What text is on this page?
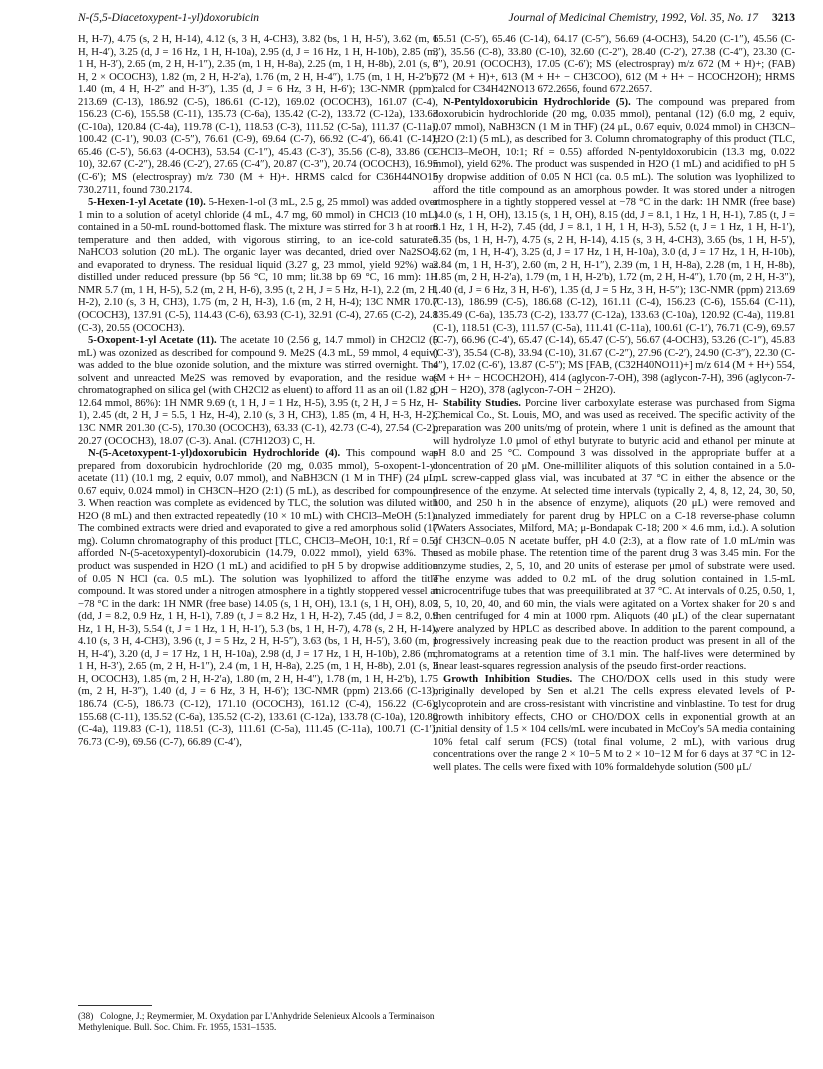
N-(5,5-Diacetoxypent-1-yl)doxorubicin	Journal of Medicinal Chemistry, 1992, Vol. 35, No. 17 3213

H, H-7), 4.75 (s, 2 H, H-14), 4.12 (s, 3 H, 4-CH3), 3.82 (bs, 1 H, H-5′), 3.62 (m, 1 H, H-4′), 3.25 (d, J = 16 Hz, 1 H, H-10a), 2.95 (d, J = 16 Hz, 1 H, H-10b), 2.85 (m, 1 H, H-3′), 2.65 (m, 2 H, H-1″), 2.35 (m, 1 H, H-8a), 2.25 (m, 1 H, H-8b), 2.01 (s, 6 H, 2 × OCOCH3), 1.82 (m, 2 H, H-2′a), 1.76 (m, 2 H, H-4″), 1.75 (m, 1 H, H-2′b), 1.40 (m, 4 H, H-2″ and H-3″), 1.35 (d, J = 6 Hz, 3 H, H-6′); 13C-NMR (ppm): 213.69 (C-13), 186.92 (C-5), 186.61 (C-12), 169.02 (OCOCH3), 161.07 (C-4), 156.23 (C-6), 155.58 (C-11), 135.73 (C-6a), 135.42 (C-2), 133.72 (C-12a), 133.63 (C-10a), 120.84 (C-4a), 119.78 (C-1), 118.53 (C-3), 111.52 (C-5a), 111.37 (C-11a), 100.42 (C-1′), 90.03 (C-5″), 76.61 (C-9), 69.64 (C-7), 66.92 (C-4′), 66.41 (C-14), 65.46 (C-5′), 56.63 (4-OCH3), 53.54 (C-1″), 45.43 (C-3′), 35.56 (C-8), 33.86 (C-10), 32.67 (C-2″), 28.46 (C-2′), 27.65 (C-4″), 20.87 (C-3″), 20.74 (OCOCH3), 16.95 (C-6′); MS (electrospray) m/z 730 (M + H)+. HRMS calcd for C36H44NO15 730.2711, found 730.2174.

5-Hexen-1-yl Acetate (10). 5-Hexen-1-ol (3 mL, 2.5 g, 25 mmol) was added over 1 min to a solution of acetyl chloride (4 mL, 4.7 mg, 60 mmol) in CHCl3 (10 mL) contained in a 50-mL round-bottomed flask. The mixture was stirred for 3 h at room temperature and then added, with vigorous stirring, to an ice-cold saturated NaHCO3 solution (20 mL). The organic layer was decanted, dried over Na2SO4, and evaporated to dryness. The residual liquid (3.27 g, 23 mmol, yield 92%) was distilled under reduced pressure (bp 56 °C, 10 mm; lit.38 bp 69 °C, 16 mm): 1H NMR 5.7 (m, 1 H, H-5), 5.2 (m, 2 H, H-6), 3.95 (t, 2 H, J = 5 Hz, H-1), 2.2 (m, 2 H, H-2), 2.10 (s, 3 H, CH3), 1.75 (m, 2 H, H-3), 1.6 (m, 2 H, H-4); 13C NMR 170.7 (OCOCH3), 137.91 (C-5), 114.43 (C-6), 63.93 (C-1), 32.91 (C-4), 27.65 (C-2), 24.8 (C-3), 20.55 (OCOCH3).

5-Oxopent-1-yl Acetate (11). The acetate 10 (2.56 g, 14.7 mmol) in CH2Cl2 (5 mL) was ozonized as described for compound 9. Me2S (4.3 mL, 59 mmol, 4 equiv) was added to the blue ozonide solution, and the mixture was stirred overnight. The solvent and unreacted Me2S was removed by evaporation, and the residue was chromatographed on silica gel (with CH2Cl2 as eluent) to afford 11 as an oil (1.82 g, 12.64 mmol, 86%): 1H NMR 9.69 (t, 1 H, J = 1 Hz, H-5), 3.95 (t, 2 H, J = 5 Hz, H-1), 2.45 (dt, 2 H, J = 5.5, 1 Hz, H-4), 2.10 (s, 3 H, CH3), 1.85 (m, 4 H, H-3, H-2); 13C NMR 201.30 (C-5), 170.30 (OCOCH3), 63.33 (C-1), 42.73 (C-4), 27.54 (C-2), 20.27 (OCOCH3), 18.07 (C-3). Anal. (C7H12O3) C, H.

N-(5-Acetoxypent-1-yl)doxorubicin Hydrochloride (4). This compound was prepared from doxorubicin hydrochloride (20 mg, 0.035 mmol), 5-oxopent-1-yl acetate (11) (10.1 mg, 2 equiv, 0.07 mmol), and NaBH3CN (1 M in THF) (24 μL, 0.67 equiv, 0.024 mmol) in CH3CN–H2O (2:1) (5 mL), as described for compound 3. When reaction was complete as evidenced by TLC, the solution was diluted with H2O (8 mL) and then extracted repeatedly (10 × 10 mL) with CHCl3–MeOH (5:1). The combined extracts were dried and evaporated to give a red amorphous solid (17 mg). Column chromatography of this product [TLC, CHCl3–MeOH, 10:1, Rf = 0.5] afforded N-(5-acetoxypentyl)-doxorubicin (14.79, 0.022 mmol), yield 63%. The product was suspended in H2O (1 mL) and acidified to pH 5 by dropwise addition of 0.05 N HCl (ca. 0.5 mL). The solution was lyophilized to afford the title compound. It was stored under a nitrogen atmosphere in a tightly stoppered vessel at −78 °C in the dark: 1H NMR (free base) 14.05 (s, 1 H, OH), 13.1 (s, 1 H, OH), 8.05 (dd, J = 8.2, 0.9 Hz, 1 H, H-1), 7.89 (t, J = 8.2 Hz, 1 H, H-2), 7.45 (dd, J = 8.2, 0.9 Hz, 1 H, H-3), 5.54 (t, J = 1 Hz, 1 H, H-1′), 5.3 (bs, 1 H, H-7), 4.78 (s, 2 H, H-14), 4.10 (s, 3 H, 4-CH3), 3.96 (t, J = 5 Hz, 2 H, H-5″), 3.63 (bs, 1 H, H-5′), 3.60 (m, 1 H, H-4′), 3.20 (d, J = 17 Hz, 1 H, H-10a), 2.98 (d, J = 17 Hz, 1 H, H-10b), 2.86 (m, 1 H, H-3′), 2.65 (m, 2 H, H-1″), 2.4 (m, 1 H, H-8a), 2.25 (m, 1 H, H-8b), 2.01 (s, 3 H, OCOCH3), 1.85 (m, 2 H, H-2′a), 1.80 (m, 2 H, H-4″), 1.78 (m, 1 H, H-2′b), 1.75 (m, 2 H, H-3″), 1.40 (d, J = 6 Hz, 3 H, H-6′); 13C-NMR (ppm) 213.66 (C-13), 186.74 (C-5), 186.73 (C-12), 171.10 (OCOCH3), 161.12 (C-4), 156.22 (C-6), 155.68 (C-11), 135.52 (C-6a), 135.52 (C-2), 133.61 (C-12a), 133.78 (C-10a), 120.80 (C-4a), 119.83 (C-1), 118.51 (C-3), 111.61 (C-5a), 111.45 (C-11a), 100.71 (C-1′), 76.73 (C-9), 69.56 (C-7), 66.89 (C-4′),

65.51 (C-5′), 65.46 (C-14), 64.17 (C-5″), 56.69 (4-OCH3), 54.20 (C-1″), 45.56 (C-3′), 35.56 (C-8), 33.80 (C-10), 32.60 (C-2″), 28.40 (C-2′), 27.38 (C-4″), 23.30 (C-3″), 20.91 (OCOCH3), 17.05 (C-6′); MS (electrospray) m/z 672 (M + H)+; (FAB) 672 (M + H)+, 613 (M + H+ − CH3COO), 612 (M + H+ − HCOCH2OH); HRMS calcd for C34H42NO13 672.2656, found 672.2657.

N-Pentyldoxorubicin Hydrochloride (5). The compound was prepared from doxorubicin hydrochloride (20 mg, 0.035 mmol), pentanal (12) (6.0 mg, 2 equiv, 0.07 mmol), NaBH3CN (1 M in THF) (24 μL, 0.67 equiv, 0.024 mmol) in CH3CN–H2O (2:1) (5 mL), as described for 3. Column chromatography of this product (TLC, CHCl3–MeOH, 10:1; Rf = 0.55) afforded N-pentyldoxorubicin (13.3 mg, 0.022 mmol), yield 62%. The product was suspended in H2O (1 mL) and acidified to pH 5 by dropwise addition of 0.05 N HCl (ca. 0.5 mL). The solution was lyophilized to afford the title compound as an amorphous powder. It was stored under a nitrogen atmosphere in a tightly stoppered vessel at −78 °C in the dark: 1H NMR (free base) 14.0 (s, 1 H, OH), 13.15 (s, 1 H, OH), 8.15 (dd, J = 8.1, 1 Hz, 1 H, H-1), 7.85 (t, J = 8.1 Hz, 1 H, H-2), 7.45 (dd, J = 8.1, 1 H, 1 H, H-3), 5.52 (t, J = 1 Hz, 1 H, H-1′), 5.35 (bs, 1 H, H-7), 4.75 (s, 2 H, H-14), 4.15 (s, 3 H, 4-CH3), 3.65 (bs, 1 H, H-5′), 3.62 (m, 1 H, H-4′), 3.25 (d, J = 17 Hz, 1 H, H-10a), 3.0 (d, J = 17 Hz, 1 H, H-10b), 2.84 (m, 1 H, H-3′), 2.60 (m, 2 H, H-1″), 2.39 (m, 1 H, H-8a), 2.28 (m, 1 H, H-8b), 1.85 (m, 2 H, H-2′a), 1.79 (m, 1 H, H-2′b), 1.72 (m, 2 H, H-4″), 1.70 (m, 2 H, H-3″), 1.40 (d, J = 6 Hz, 3 H, H-6′), 1.35 (d, J = 5 Hz, 3 H, H-5″); 13C-NMR (ppm) 213.69 (C-13), 186.99 (C-5), 186.68 (C-12), 161.11 (C-4), 156.23 (C-6), 155.64 (C-11), 135.49 (C-6a), 135.73 (C-2), 133.77 (C-12a), 133.63 (C-10a), 120.92 (C-4a), 119.81 (C-1), 118.51 (C-3), 111.57 (C-5a), 111.41 (C-11a), 100.61 (C-1′), 76.71 (C-9), 69.57 (C-7), 66.96 (C-4′), 65.47 (C-14), 65.47 (C-5′), 56.67 (4-OCH3), 53.26 (C-1″), 45.83 (C-3′), 35.54 (C-8), 33.94 (C-10), 31.67 (C-2″), 27.96 (C-2′), 24.90 (C-3″), 22.30 (C-4″), 17.02 (C-6′), 13.87 (C-5″); MS [FAB, (C32H40NO11)+] m/z 614 (M + H+) 554, (M + H+ − HCOCH2OH), 414 (aglycon-7-OH), 398 (aglycon-7-H), 396 (aglycon-7-OH − H2O), 378 (aglycon-7-OH − 2H2O).

Stability Studies. Porcine liver carboxylate esterase was purchased from Sigma Chemical Co., St. Louis, MO, and was used as received. The specific activity of the preparation was 200 units/mg of protein, where 1 unit is defined as the amount that will hydrolyze 1.0 μmol of ethyl butyrate to butyric acid and ethanol per minute at pH 8.0 and 25 °C. Compound 3 was dissolved in the appropriate buffer at a concentration of 20 μM. One-milliliter aliquots of this solution contained in a 5.0-mL screw-capped glass vial, was incubated at 37 °C in either the absence or the presence of the enzyme. At selected time intervals (typically 2, 4, 8, 12, 24, 30, 50, 100, and 250 h in the absence of enzyme), aliquots (20 μL) were removed and analyzed immediately for parent drug by HPLC on a C-18 reverse-phase column (Waters Associates, Milford, MA; μ-Bondapak C-18; 200 × 4.6 mm, i.d.). A solution of CH3CN–0.05 N acetate buffer, pH 4.0 (2:3), at a flow rate of 1.0 mL/min was used as mobile phase. The retention time of the parent drug 3 was 3.45 min. For the enzyme studies, 2, 5, 10, and 20 units of esterase per μmol of substrate were used. The enzyme was added to 0.2 mL of the drug solution contained in 1.5-mL microcentrifuge tubes that was preequilibrated at 37 °C. At intervals of 0.25, 0.50, 1, 2, 5, 10, 20, 40, and 60 min, the vials were agitated on a Vortex shaker for 20 s and then centrifuged for 4 min at 1000 rpm. Aliquots (40 μL) of the clear supernatant were analyzed by HPLC as described above. In addition to the parent compound, a progressively increasing peak due to the reaction product was present in all of the chromatograms at a retention time of 3.1 min. The half-lives were determined by linear least-squares regression analysis of the pseudo first-order reactions.

Growth Inhibition Studies. The CHO/DOX cells used in this study were originally developed by Sen et al.21 The cells express elevated levels of P-glycoprotein and are cross-resistant with vincristine and vinblastine. To test for drug growth inhibitory effects, CHO or CHO/DOX cells in exponential growth at an initial density of 1.5 × 104 cells/mL were incubated in McCoy's 5A media containing 10% fetal calf serum (FCS) (total final volume, 2 mL), with various drug concentrations over the range 2 × 10−5 M to 2 × 10−12 M for 6 days at 37 °C in 12-well plates. The cells were fixed with 10% formaldehyde solution (500 μL/

(38) Cologne, J.; Reymermier, M. Oxydation par L'Anhydride Selenieux Alcools a Terminaison Methylenique. Bull. Soc. Chim. Fr. 1955, 1531–1535.
